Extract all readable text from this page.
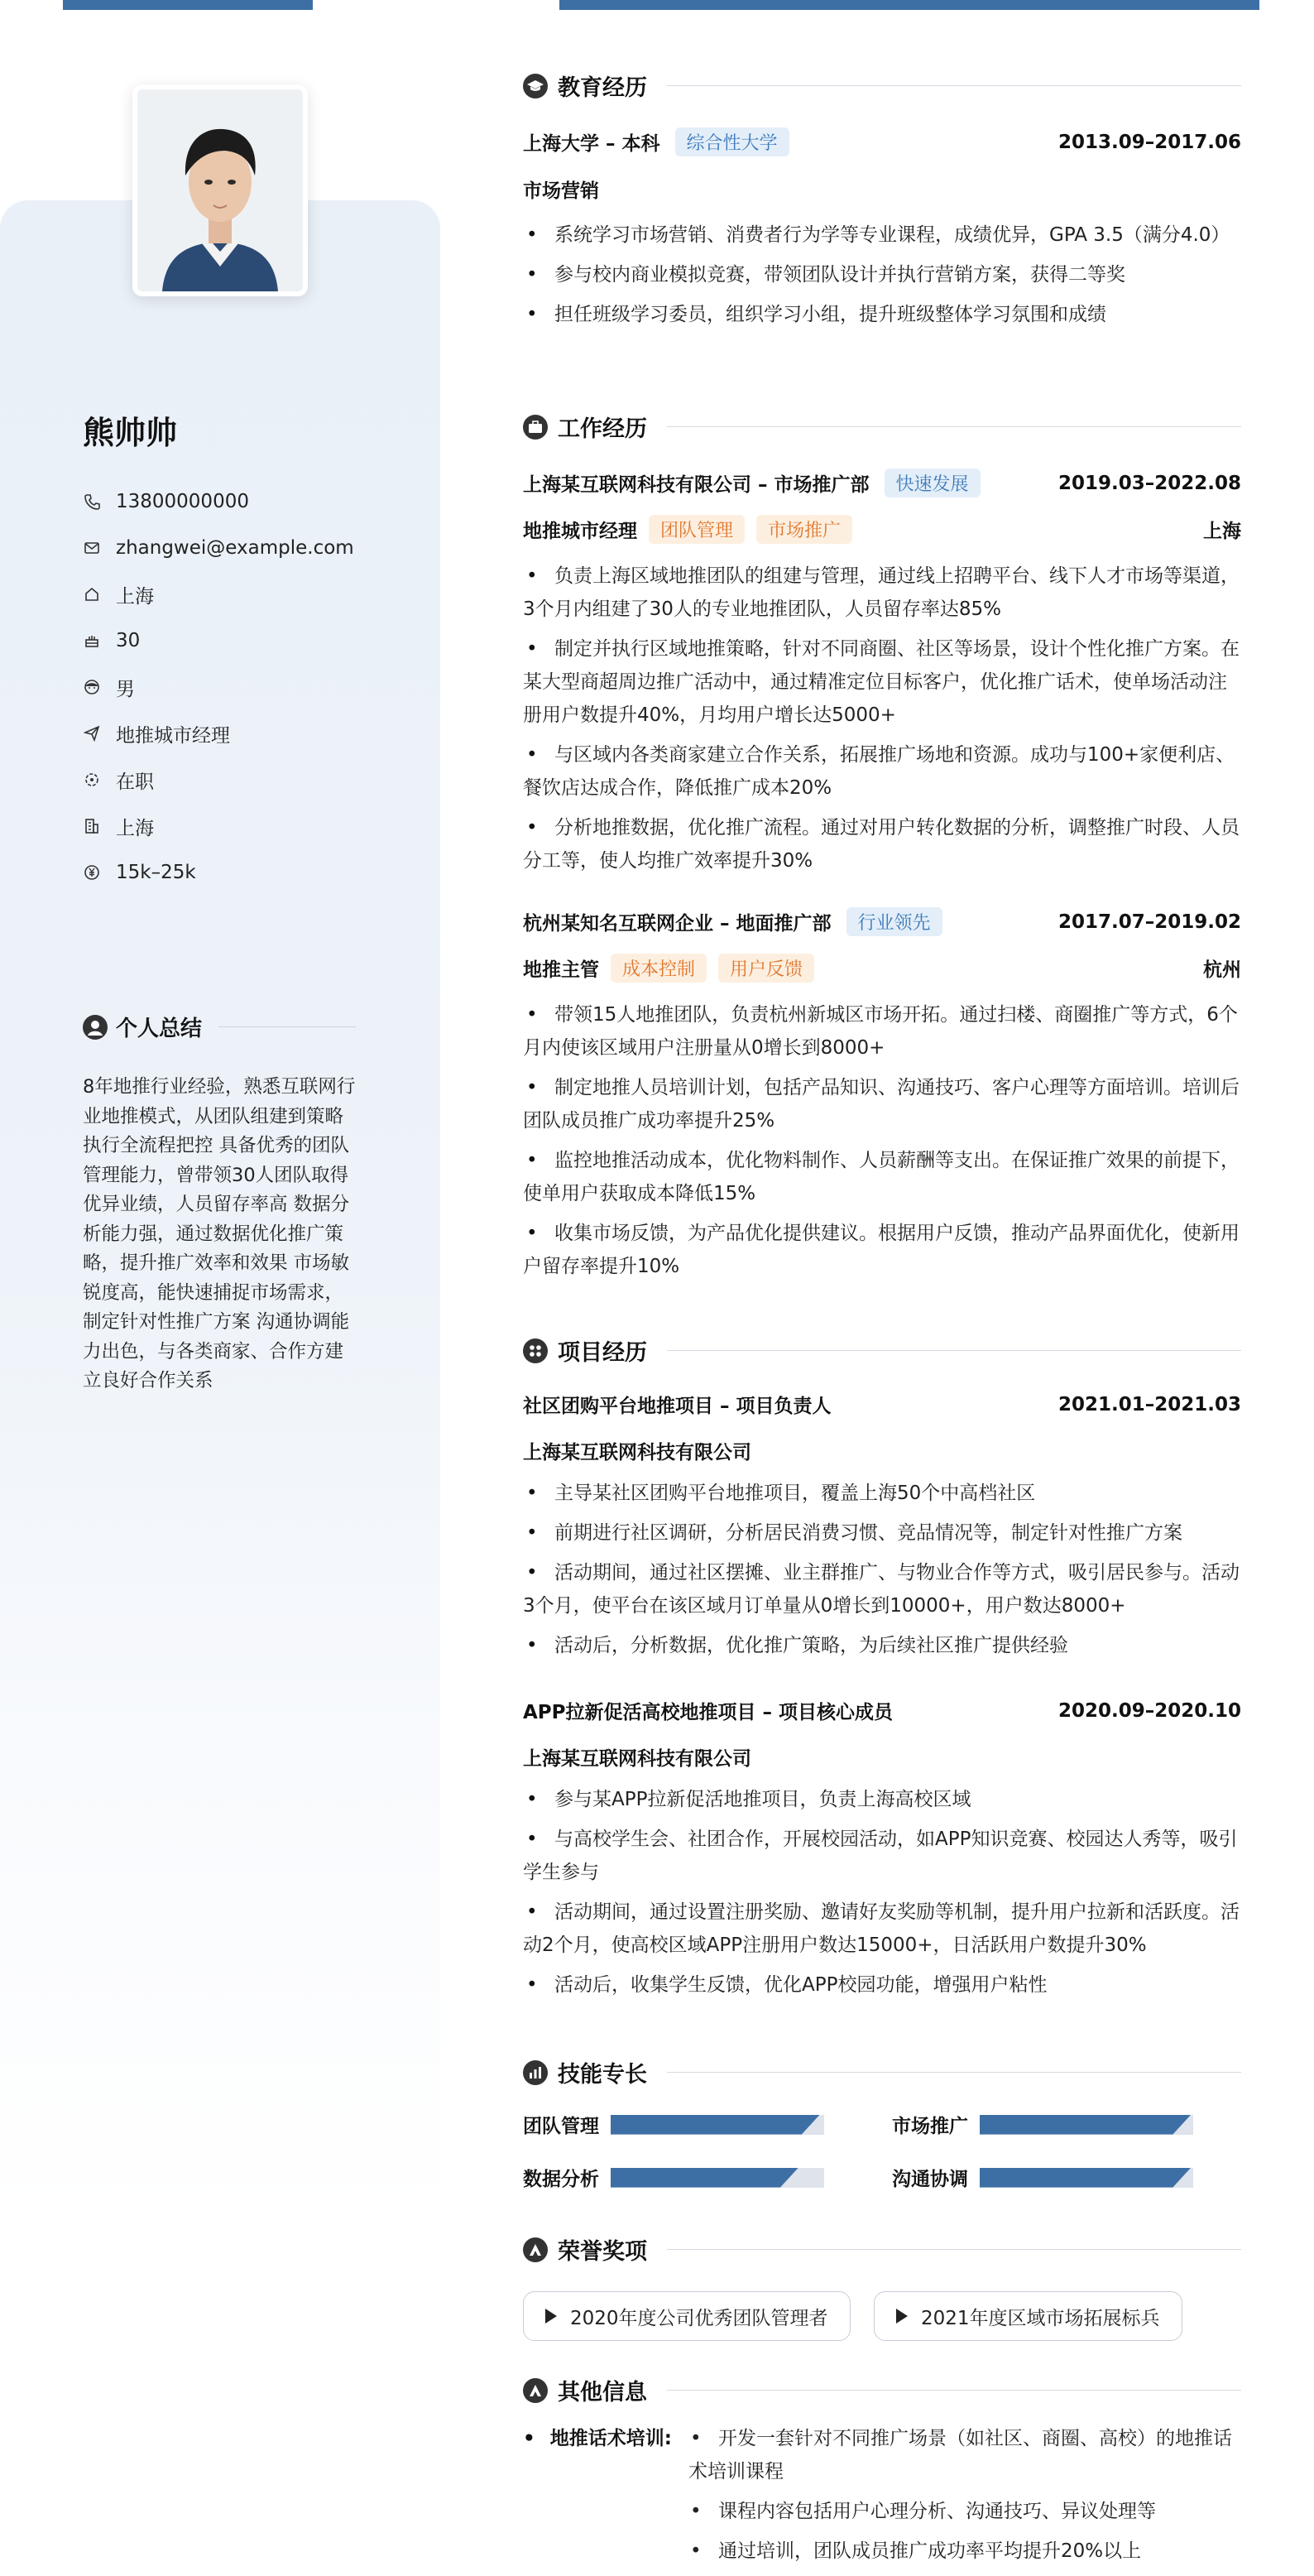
熊帅帅
13800000000
zhangwei@example.com
上海
30
男
地推城市经理
在职
上海
15k–25k
个人总结
8年地推行业经验，熟悉互联网行业地推模式，从团队组建到策略执行全流程把控 具备优秀的团队管理能力，曾带领30人团队取得优异业绩，人员留存率高 数据分析能力强，通过数据优化推广策略，提升推广效率和效果 市场敏锐度高，能快速捕捉市场需求，制定针对性推广方案 沟通协调能力出色，与各类商家、合作方建立良好合作关系
教育经历
上海大学 – 本科	综合性大学	2013.09–2017.06
市场营销
• 系统学习市场营销、消费者行为学等专业课程，成绩优异，GPA 3.5（满分4.0）
• 参与校内商业模拟竞赛，带领团队设计并执行营销方案，获得二等奖
• 担任班级学习委员，组织学习小组，提升班级整体学习氛围和成绩
工作经历
上海某互联网科技有限公司 – 市场推广部	快速发展	2019.03–2022.08
地推城市经理	团队管理	市场推广	上海
• 负责上海区域地推团队的组建与管理，通过线上招聘平台、线下人才市场等渠道，3个月内组建了30人的专业地推团队，人员留存率达85%
• 制定并执行区域地推策略，针对不同商圈、社区等场景，设计个性化推广方案。在某大型商超周边推广活动中，通过精准定位目标客户，优化推广话术，使单场活动注册用户数提升40%，月均用户增长达5000+
• 与区域内各类商家建立合作关系，拓展推广场地和资源。成功与100+家便利店、餐饮店达成合作，降低推广成本20%
• 分析地推数据，优化推广流程。通过对用户转化数据的分析，调整推广时段、人员分工等，使人均推广效率提升30%
杭州某知名互联网企业 – 地面推广部	行业领先	2017.07–2019.02
地推主管	成本控制	用户反馈	杭州
• 带领15人地推团队，负责杭州新城区市场开拓。通过扫楼、商圈推广等方式，6个月内使该区域用户注册量从0增长到8000+
• 制定地推人员培训计划，包括产品知识、沟通技巧、客户心理等方面培训。培训后团队成员推广成功率提升25%
• 监控地推活动成本，优化物料制作、人员薪酬等支出。在保证推广效果的前提下，使单用户获取成本降低15%
• 收集市场反馈，为产品优化提供建议。根据用户反馈，推动产品界面优化，使新用户留存率提升10%
项目经历
社区团购平台地推项目 – 项目负责人	2021.01–2021.03
上海某互联网科技有限公司
• 主导某社区团购平台地推项目，覆盖上海50个中高档社区
• 前期进行社区调研，分析居民消费习惯、竞品情况等，制定针对性推广方案
• 活动期间，通过社区摆摊、业主群推广、与物业合作等方式，吸引居民参与。活动3个月，使平台在该区域月订单量从0增长到10000+，用户数达8000+
• 活动后，分析数据，优化推广策略，为后续社区推广提供经验
APP拉新促活高校地推项目 – 项目核心成员	2020.09–2020.10
上海某互联网科技有限公司
• 参与某APP拉新促活地推项目，负责上海高校区域
• 与高校学生会、社团合作，开展校园活动，如APP知识竞赛、校园达人秀等，吸引学生参与
• 活动期间，通过设置注册奖励、邀请好友奖励等机制，提升用户拉新和活跃度。活动2个月，使高校区域APP注册用户数达15000+，日活跃用户数提升30%
• 活动后，收集学生反馈，优化APP校园功能，增强用户粘性
技能专长
团队管理	市场推广
数据分析	沟通协调
荣誉奖项
2020年度公司优秀团队管理者	2021年度区域市场拓展标兵
其他信息
• 地推话术培训:
•	开发一套针对不同推广场景（如社区、商圈、高校）的地推话术培训课程
• 课程内容包括用户心理分析、沟通技巧、异议处理等
• 通过培训，团队成员推广成功率平均提升20%以上
